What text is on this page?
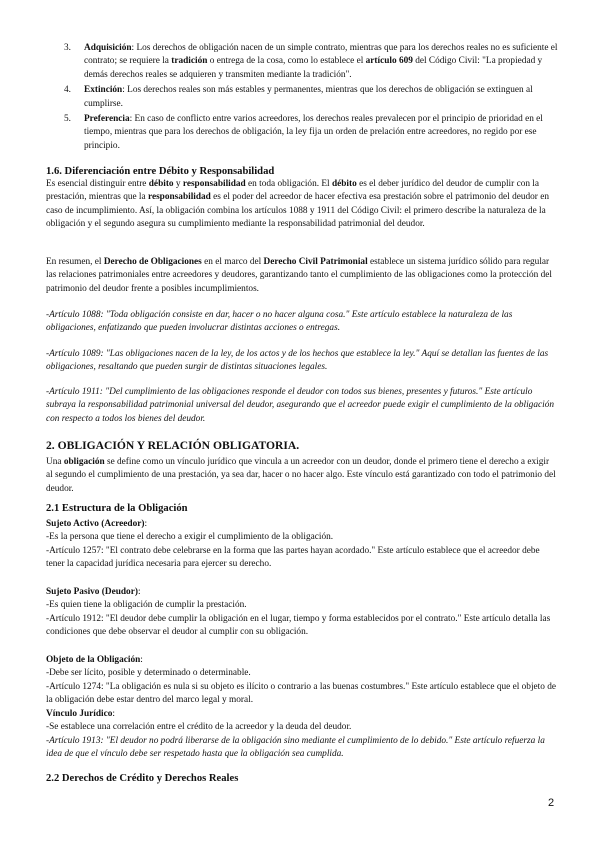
3.	Adquisición: Los derechos de obligación nacen de un simple contrato, mientras que para los derechos reales no es suficiente el contrato; se requiere la tradición o entrega de la cosa, como lo establece el artículo 609 del Código Civil: "La propiedad y demás derechos reales se adquieren y transmiten mediante la tradición".
4.	Extinción: Los derechos reales son más estables y permanentes, mientras que los derechos de obligación se extinguen al cumplirse.
5.	Preferencia: En caso de conflicto entre varios acreedores, los derechos reales prevalecen por el principio de prioridad en el tiempo, mientras que para los derechos de obligación, la ley fija un orden de prelación entre acreedores, no regido por ese principio.
1.6. Diferenciación entre Débito y Responsabilidad

Es esencial distinguir entre débito y responsabilidad en toda obligación. El débito es el deber jurídico del deudor de cumplir con la prestación, mientras que la responsabilidad es el poder del acreedor de hacer efectiva esa prestación sobre el patrimonio del deudor en caso de incumplimiento. Así, la obligación combina los artículos 1088 y 1911 del Código Civil: el primero describe la naturaleza de la obligación y el segundo asegura su cumplimiento mediante la responsabilidad patrimonial del deudor.

En resumen, el Derecho de Obligaciones en el marco del Derecho Civil Patrimonial establece un sistema jurídico sólido para regular las relaciones patrimoniales entre acreedores y deudores, garantizando tanto el cumplimiento de las obligaciones como la protección del patrimonio del deudor frente a posibles incumplimientos.

-Artículo 1088: "Toda obligación consiste en dar, hacer o no hacer alguna cosa." Este artículo establece la naturaleza de las obligaciones, enfatizando que pueden involucrar distintas acciones o entregas.
-Artículo 1089: "Las obligaciones nacen de la ley, de los actos y de los hechos que establece la ley." Aquí se detallan las fuentes de las obligaciones, resaltando que pueden surgir de distintas situaciones legales.
-Artículo 1911: "Del cumplimiento de las obligaciones responde el deudor con todos sus bienes, presentes y futuros." Este artículo subraya la responsabilidad patrimonial universal del deudor, asegurando que el acreedor puede exigir el cumplimiento de la obligación con respecto a todos los bienes del deudor.
2. OBLIGACIÓN Y RELACIÓN OBLIGATORIA.

Una obligación se define como un vínculo jurídico que vincula a un acreedor con un deudor, donde el primero tiene el derecho a exigir al segundo el cumplimiento de una prestación, ya sea dar, hacer o no hacer algo. Este vínculo está garantizado con todo el patrimonio del deudor.

2.1 Estructura de la Obligación

Sujeto Activo (Acreedor):

-Es la persona que tiene el derecho a exigir el cumplimiento de la obligación.

-Artículo 1257: "El contrato debe celebrarse en la forma que las partes hayan acordado." Este artículo establece que el acreedor debe tener la capacidad jurídica necesaria para ejercer su derecho.

Sujeto Pasivo (Deudor):

-Es quien tiene la obligación de cumplir la prestación.

-Artículo 1912: "El deudor debe cumplir la obligación en el lugar, tiempo y forma establecidos por el contrato." Este artículo detalla las condiciones que debe observar el deudor al cumplir con su obligación.

Objeto de la Obligación:

-Debe ser lícito, posible y determinado o determinable.

-Artículo 1274: "La obligación es nula si su objeto es ilícito o contrario a las buenas costumbres." Este artículo establece que el objeto de la obligación debe estar dentro del marco legal y moral.

Vínculo Jurídico:

-Se establece una correlación entre el crédito de la acreedor y la deuda del deudor.

-Artículo 1913: "El deudor no podrá liberarse de la obligación sino mediante el cumplimiento de lo debido." Este artículo refuerza la idea de que el vínculo debe ser respetado hasta que la obligación sea cumplida.

2.2 Derechos de Crédito y Derechos Reales
2
